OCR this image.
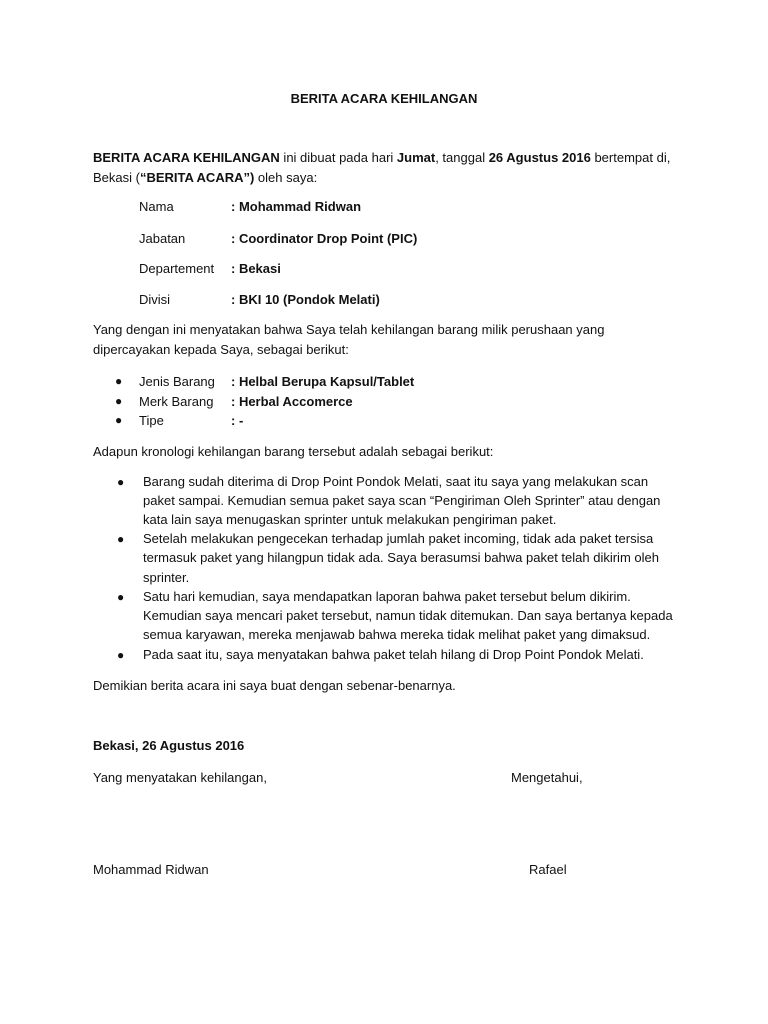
BERITA ACARA KEHILANGAN
BERITA ACARA KEHILANGAN ini dibuat pada hari Jumat, tanggal 26 Agustus 2016 bertempat di,
Bekasi (“BERITA ACARA”) oleh saya:
Nama	: Mohammad Ridwan
Jabatan	: Coordinator Drop Point (PIC)
Departement : Bekasi
Divisi	: BKI 10 (Pondok Melati)
Yang dengan ini menyatakan bahwa Saya telah kehilangan barang milik perushaan yang
dipercayakan kepada Saya, sebagai berikut:
● Jenis Barang : Helbal Berupa Kapsul/Tablet
● Merk Barang : Herbal Accomerce
● Tipe	: -
Adapun kronologi kehilangan barang tersebut adalah sebagai berikut:
● Barang sudah diterima di Drop Point Pondok Melati, saat itu saya yang melakukan scan
paket sampai. Kemudian semua paket saya scan “Pengiriman Oleh Sprinter” atau dengan
kata lain saya menugaskan sprinter untuk melakukan pengiriman paket.
● Setelah melakukan pengecekan terhadap jumlah paket incoming, tidak ada paket tersisa
termasuk paket yang hilangpun tidak ada. Saya berasumsi bahwa paket telah dikirim oleh
sprinter.
● Satu hari kemudian, saya mendapatkan laporan bahwa paket tersebut belum dikirim.
Kemudian saya mencari paket tersebut, namun tidak ditemukan. Dan saya bertanya kepada
semua karyawan, mereka menjawab bahwa mereka tidak melihat paket yang dimaksud.
● Pada saat itu, saya menyatakan bahwa paket telah hilang di Drop Point Pondok Melati.
Demikian berita acara ini saya buat dengan sebenar-benarnya.
Bekasi, 26 Agustus 2016
Yang menyatakan kehilangan,	Mengetahui,
Mohammad Ridwan	Rafael
